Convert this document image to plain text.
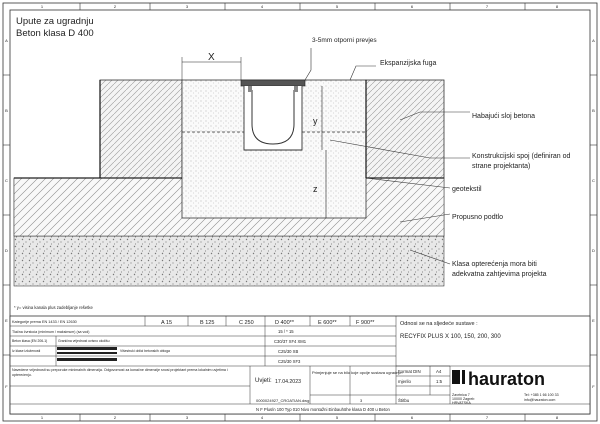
1	2	3	4	5	6	7	8
1	2	3	4	5	6	7	8
A
B
C
D
E
F
A
B
C
D
E
F
Upute za ugradnju
Beton klasa D 400
X
y
z
3-5mm otporni prevjes
Ekspanzijska fuga
Habajući sloj betona
Konstrukcijski spoj (definiran od
strane projektanta)
geotekstil
Propusno podtlo
Klasa opterećenja mora biti
adekvatna zahtjevima projekta
* y= visina kanala plus zadebljanje rešetke
Kategorije prema EN 1433 / EN 12630	A 15	B 125	C 250	D 400**	E 600**	F 900**
Tlačna čvrstoća (minimum / maksimum) (sa vod)	15 / * 15
Beton klasa (EN 206-1)	Granična vrijednost ovisno okolišu	C30/37 XF4 XM1
Iz klase izloženosti	Višestruki oblici betonskih obloga	C25/30 XB
C25/30 XF3
Odnosi se na sljedeće sustave :
RECYFIX PLUS X 100, 150, 200, 300
Uvjeti: 17.04.2023
Primjenjuje se na bilo koje opcije sustava ugradnje.
Format DIN	A4
mjerilo	1:5
Štitbu
0000024927_CROATIAN.dwg	3
N F Plus/n 100 Typ 010 Nivo montažni Einbauhöhe klasa D 400 u Beton
Zavrtnica 7
10000 Zagreb
HRVATSKA
Tel: +385 1 66 100 33
info@hauraton.com
Navedene vrijednosti su preporuke minimalnih dimenzija. Odgovornost za konačne dimenzije snosi projektant prema lokalnim uvjetima i opterećenju.	hauraton
